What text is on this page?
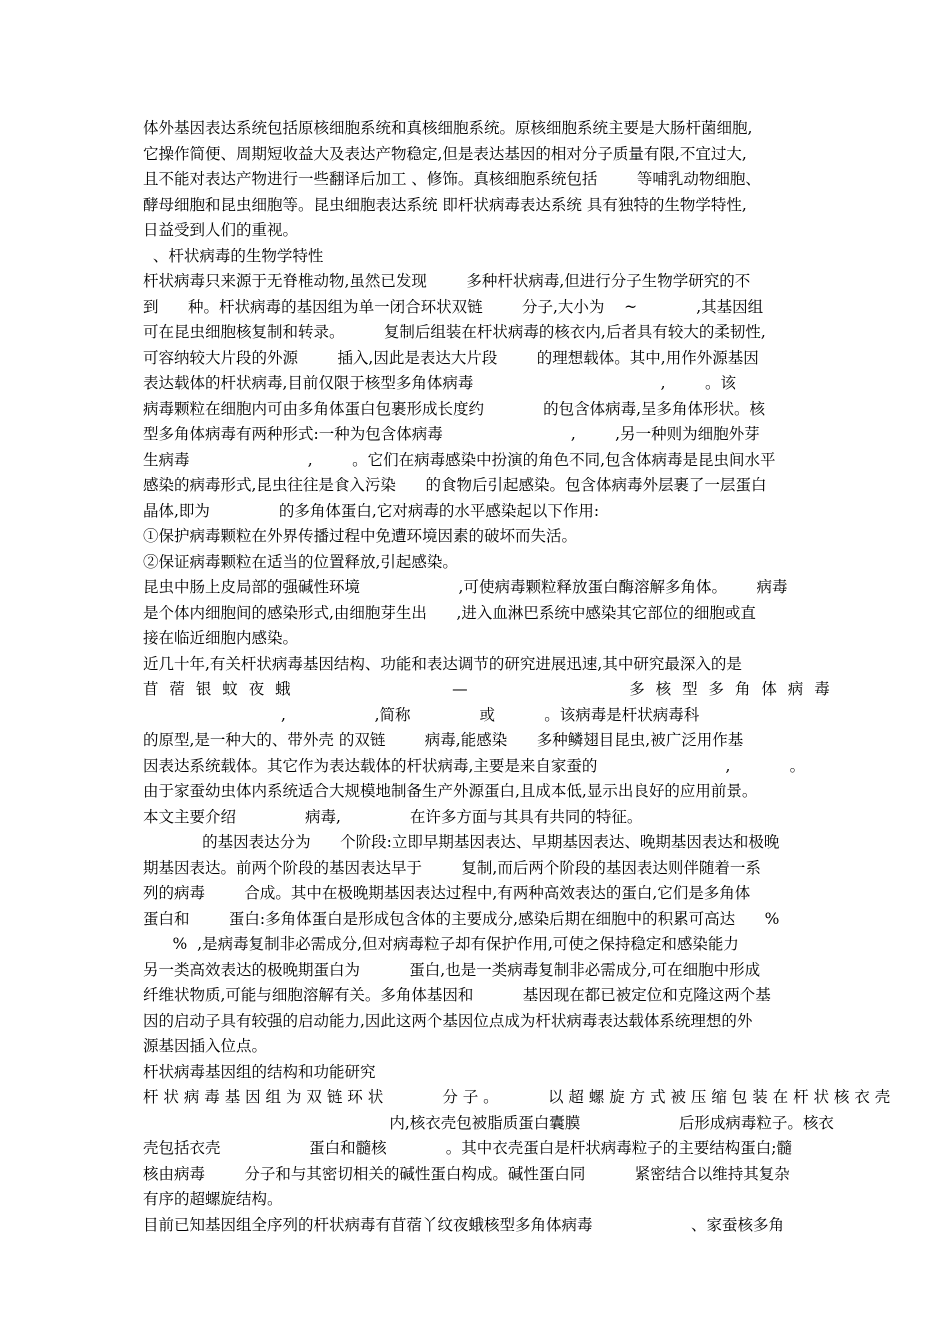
体外基因表达系统包括原核细胞系统和真核细胞系统。原核细胞系统主要是大肠杆菌细胞,
它操作简便、周期短收益大及表达产物稳定,但是表达基因的相对分子质量有限,不宜过大,
且不能对表达产物进行一些翻译后加工 、修饰。真核细胞系统包括        等哺乳动物细胞、
酵母细胞和昆虫细胞等。昆虫细胞表达系统 即杆状病毒表达系统 具有独特的生物学特性,
日益受到人们的重视。
、杆状病毒的生物学特性
杆状病毒只来源于无脊椎动物,虽然已发现        多种杆状病毒,但进行分子生物学研究的不
到      种。杆状病毒的基因组为单一闭合环状双链        分子,大小为    ~            ,其基因组
可在昆虫细胞核复制和转录。        复制后组装在杆状病毒的核衣内,后者具有较大的柔韧性,
可容纳较大片段的外源        插入,因此是表达大片段        的理想载体。其中,用作外源基因
表达载体的杆状病毒,目前仅限于核型多角体病毒                                      ,        。该
病毒颗粒在细胞内可由多角体蛋白包裹形成长度约            的包含体病毒,呈多角体形状。核
型多角体病毒有两种形式:一种为包含体病毒                          ,        ,另一种则为细胞外芽
生病毒                        ,        。它们在病毒感染中扮演的角色不同,包含体病毒是昆虫间水平
感染的病毒形式,昆虫往往是食入污染      的食物后引起感染。包含体病毒外层裹了一层蛋白
晶体,即为              的多角体蛋白,它对病毒的水平感染起以下作用:
①保护病毒颗粒在外界传播过程中免遭环境因素的破坏而失活。
②保证病毒颗粒在适当的位置释放,引起感染。
昆虫中肠上皮局部的强碱性环境                    ,可使病毒颗粒释放蛋白酶溶解多角体。      病毒
是个体内细胞间的感染形式,由细胞芽生出      ,进入血淋巴系统中感染其它部位的细胞或直
接在临近细胞内感染。
近几十年,有关杆状病毒基因结构、功能和表达调节的研究进展迅速,其中研究最深入的是
苜 蓿 银 蚊 夜 蛾                    —                    多 核 型 多 角 体 病 毒
,                  ,简称              或          。该病毒是杆状病毒科
的原型,是一种大的、带外壳 的双链        病毒,能感染      多种鳞翅目昆虫,被广泛用作基
因表达系统载体。其它作为表达载体的杆状病毒,主要是来自家蚕的                          ,            。
由于家蚕幼虫体内系统适合大规模地制备生产外源蛋白,且成本低,显示出良好的应用前景。
本文主要介绍              病毒,              在许多方面与其具有共同的特征。
的基因表达分为      个阶段:立即早期基因表达、早期基因表达、晚期基因表达和极晚
期基因表达。前两个阶段的基因表达早于        复制,而后两个阶段的基因表达则伴随着一系
列的病毒        合成。其中在极晚期基因表达过程中,有两种高效表达的蛋白,它们是多角体
蛋白和        蛋白:多角体蛋白是形成包含体的主要成分,感染后期在细胞中的积累可高达      %
%  ,是病毒复制非必需成分,但对病毒粒子却有保护作用,可使之保持稳定和感染能力
另一类高效表达的极晚期蛋白为          蛋白,也是一类病毒复制非必需成分,可在细胞中形成
纤维状物质,可能与细胞溶解有关。多角体基因和          基因现在都已被定位和克隆这两个基
因的启动子具有较强的启动能力,因此这两个基因位点成为杆状病毒表达载体系统理想的外
源基因插入位点。
杆状病毒基因组的结构和功能研究
杆 状 病 毒 基 因 组 为 双 链 环 状            分 子 。          以 超 螺 旋 方 式 被 压 缩 包 装 在 杆 状 核 衣 壳
内,核衣壳包被脂质蛋白囊膜                    后形成病毒粒子。核衣
壳包括衣壳                  蛋白和髓核            。其中衣壳蛋白是杆状病毒粒子的主要结构蛋白;髓
核由病毒        分子和与其密切相关的碱性蛋白构成。碱性蛋白同          紧密结合以维持其复杂
有序的超螺旋结构。
目前已知基因组全序列的杆状病毒有苜蓿丫纹夜蛾核型多角体病毒                    、家蚕核多角
